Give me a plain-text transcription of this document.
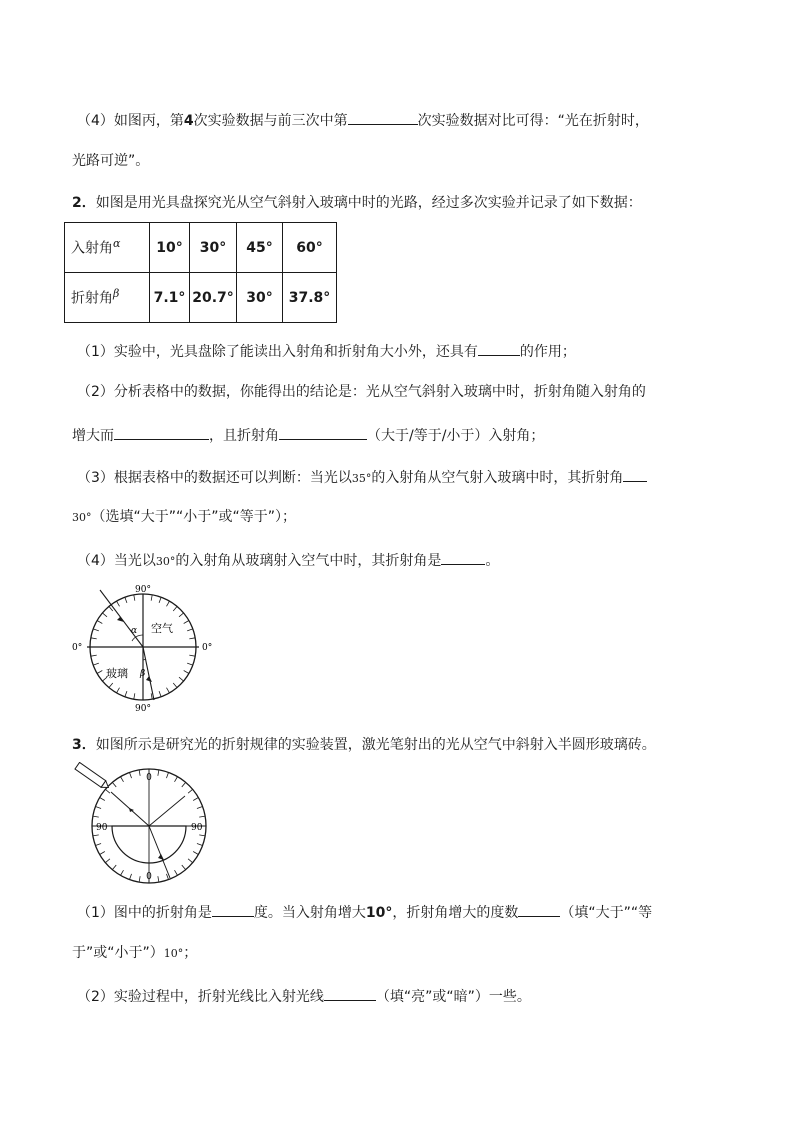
（4）如图丙，第4次实验数据与前三次中第	次实验数据对比可得：“光在折射时，
光路可逆”。
2．如图是用光具盘探究光从空气斜射入玻璃中时的光路，经过多次实验并记录了如下数据：
入射角$^\alpha$	10°	30°	45°	60°
折射角$^\beta$	7.1°	20.7°	30°	37.8°
（1）实验中，光具盘除了能读出入射角和折射角大小外，还具有	的作用；
（2）分析表格中的数据，你能得出的结论是：光从空气斜射入玻璃中时，折射角随入射角的
增大而	，且折射角	（大于/等于/小于）入射角；
（3）根据表格中的数据还可以判断：当光以35°的入射角从空气射入玻璃中时，其折射角
30°（选填“大于”“小于”或“等于”）；
（4）当光以30°的入射角从玻璃射入空气中时，其折射角是	。
90°
90°
0°	0°
空气
玻璃
α
β
3．如图所示是研究光的折射规律的实验装置，激光笔射出的光从空气中斜射入半圆形玻璃砖。
0
0
90	90
（1）图中的折射角是	度。当入射角增大10°，折射角增大的度数	（填“大于”“等
于”或“小于”）10°；
（2）实验过程中，折射光线比入射光线	（填“亮”或“暗”）一些。
